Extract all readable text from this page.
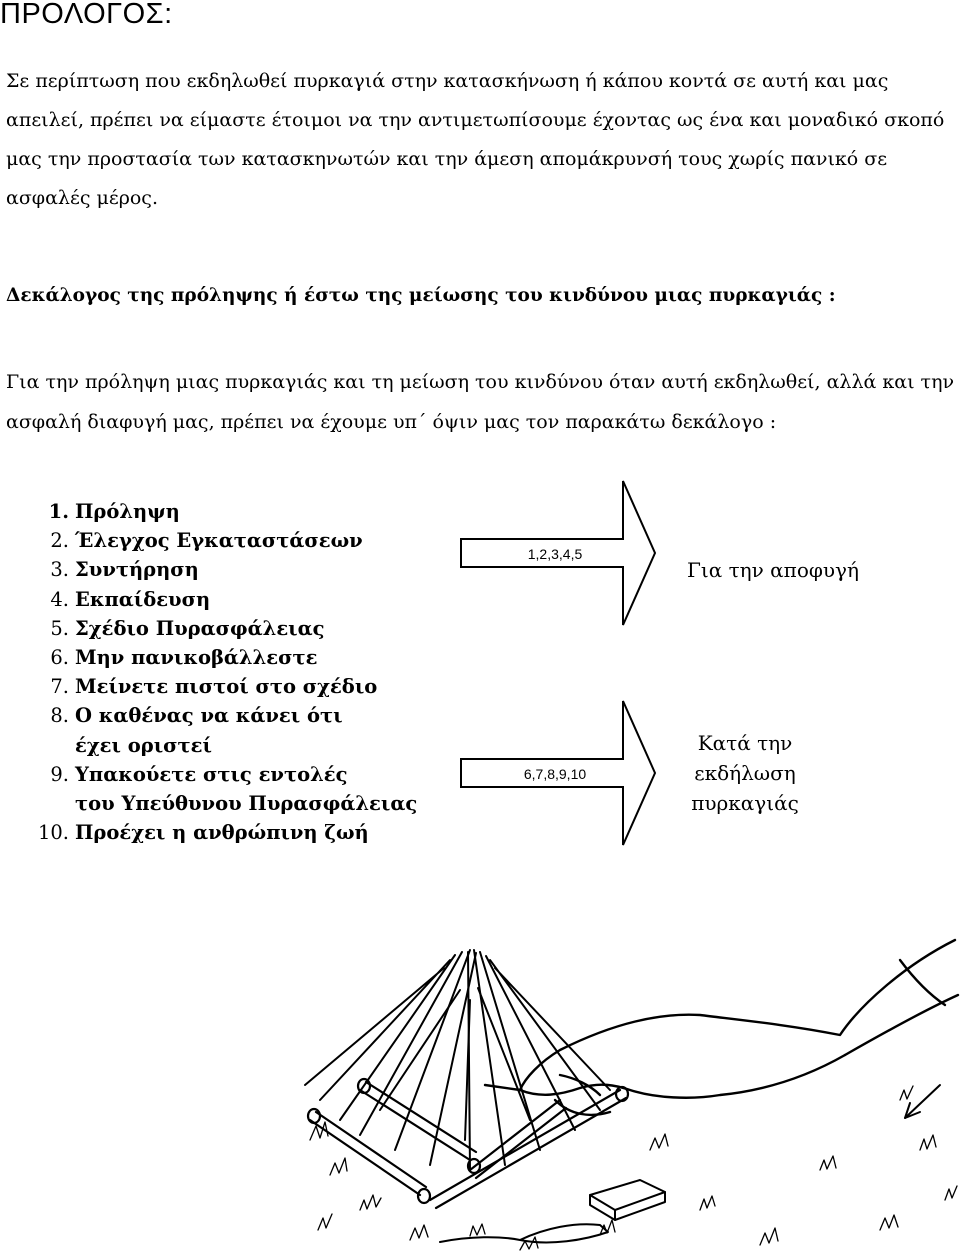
ΠΡΟΛΟΓΟΣ:

Σε περίπτωση που εκδηλωθεί πυρκαγιά στην κατασκήνωση ή κάπου κοντά σε αυτή και μας απειλεί, πρέπει να είμαστε έτοιμοι να την αντιμετωπίσουμε έχοντας ως ένα και μοναδικό σκοπό μας την προστασία των κατασκηνωτών και την άμεση απομάκρυνσή τους χωρίς πανικό σε ασφαλές μέρος.

Δεκάλογος της πρόληψης ή έστω της μείωσης του κινδύνου μιας πυρκαγιάς :

Για την πρόληψη μιας πυρκαγιάς και τη μείωση του κινδύνου όταν αυτή εκδηλωθεί, αλλά και την ασφαλή διαφυγή μας, πρέπει να έχουμε υπ΄ όψιν μας τον παρακάτω δεκάλογο :

1. Πρόληψη
2. Έλεγχος Εγκαταστάσεων
3. Συντήρηση
4. Εκπαίδευση
5. Σχέδιο Πυρασφάλειας
6. Μην πανικοβάλλεστε
7. Μείνετε πιστοί στο σχέδιο
8. Ο καθένας να κάνει ότι
έχει οριστεί
9. Υπακούετε στις εντολές
του Υπεύθυνου Πυρασφάλειας
10. Προέχει η ανθρώπινη ζωή
1,2,3,4,5
Για την αποφυγή
6,7,8,9,10
Κατά την
εκδήλωση
πυρκαγιάς
